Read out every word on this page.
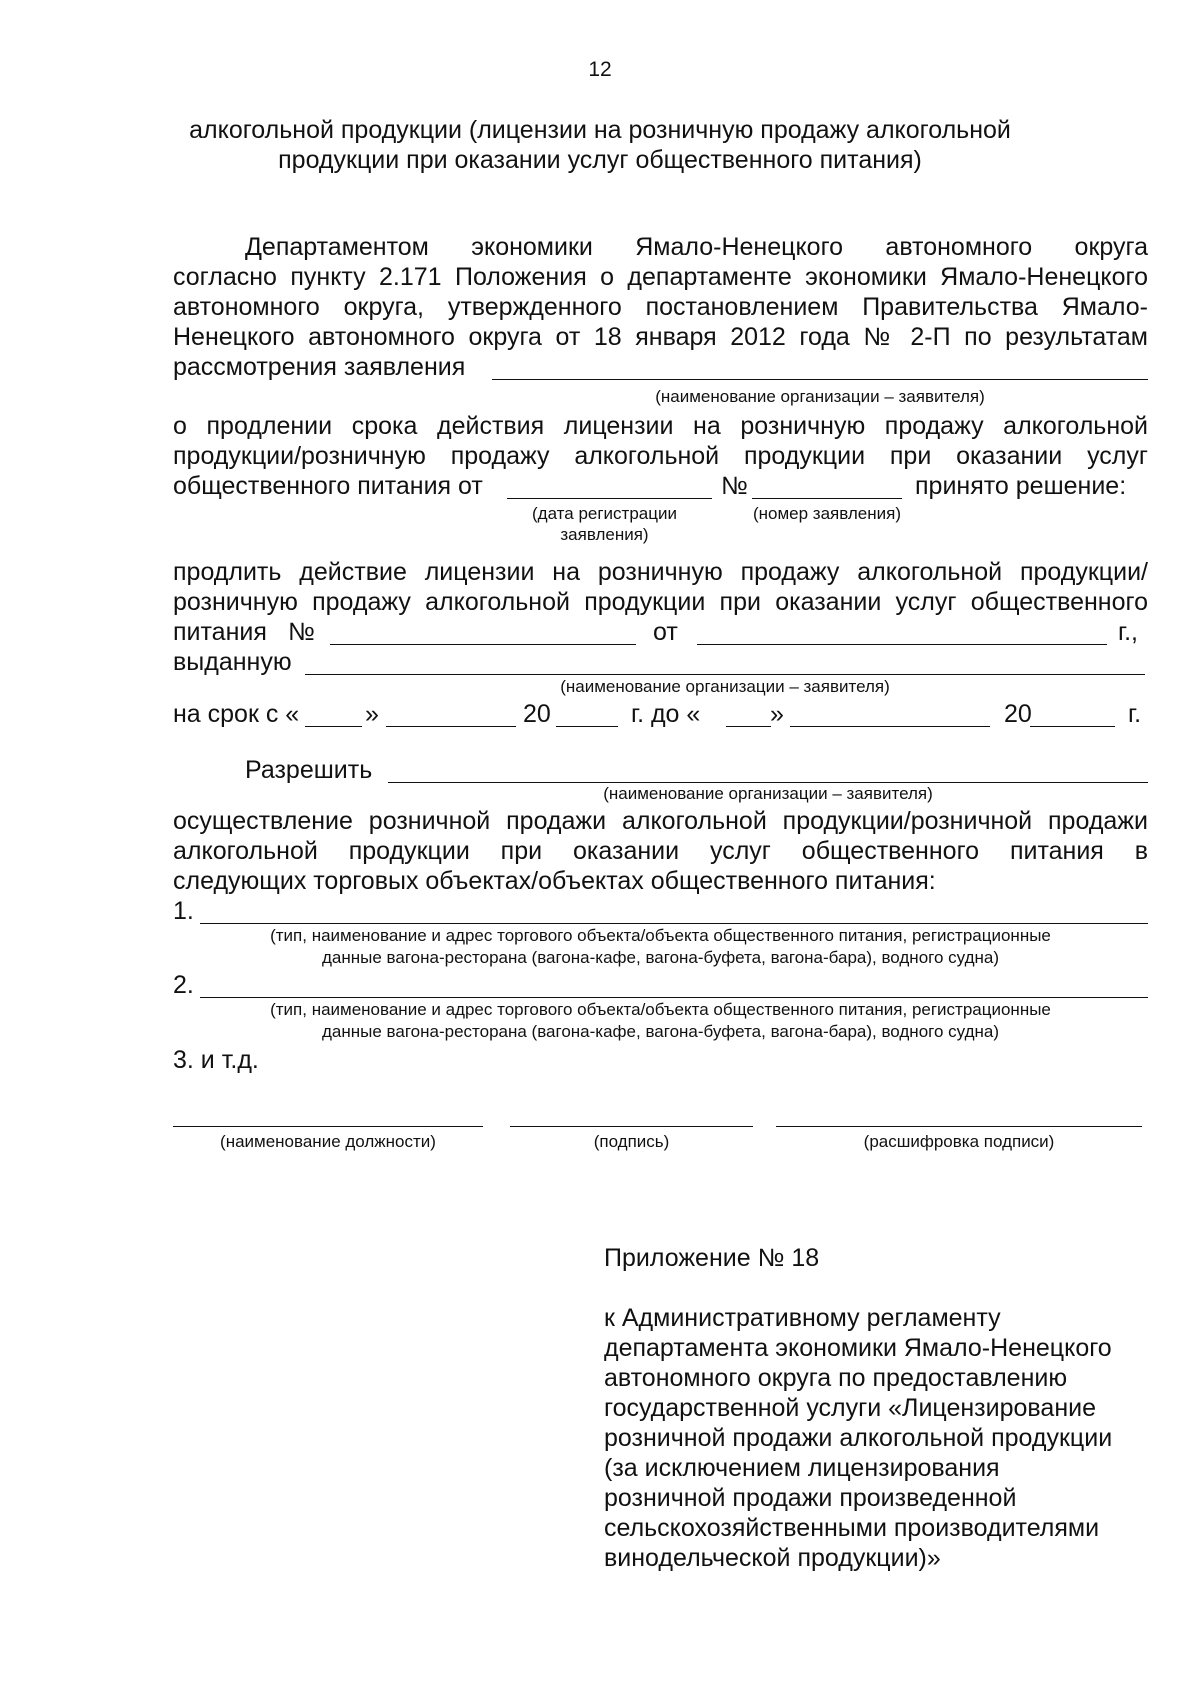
12
алкогольной продукции (лицензии на розничную продажу алкогольной
продукции при оказании услуг общественного питания)
Департаментом экономики Ямало-Ненецкого автономного округа
согласно пункту 2.171 Положения о департаменте экономики Ямало-Ненецкого
автономного округа, утвержденного постановлением Правительства Ямало-
Ненецкого автономного округа от 18 января 2012 года № 2-П по результатам
рассмотрения заявления
(наименование организации – заявителя)
о продлении срока действия лицензии на розничную продажу алкогольной
продукции/розничную продажу алкогольной продукции при оказании услуг
общественного питания от	№	принято решение:
(дата регистрации
заявления)
(номер заявления)
продлить действие лицензии на розничную продажу алкогольной продукции/
розничную продажу алкогольной продукции при оказании услуг общественного
питания №	от	г.,
выданную
(наименование организации – заявителя)
на срок с «	»	20	г. до «	»	20	г.
Разрешить
(наименование организации – заявителя)
осуществление розничной продажи алкогольной продукции/розничной продажи
алкогольной продукции при оказании услуг общественного питания в
следующих торговых объектах/объектах общественного питания:
1.
(тип, наименование и адрес торгового объекта/объекта общественного питания, регистрационные
данные вагона-ресторана (вагона-кафе, вагона-буфета, вагона-бара), водного судна)
2.
(тип, наименование и адрес торгового объекта/объекта общественного питания, регистрационные
данные вагона-ресторана (вагона-кафе, вагона-буфета, вагона-бара), водного судна)
3. и т.д.
(наименование должности)	(подпись)	(расшифровка подписи)
Приложение № 18
к Административному регламенту
департамента экономики Ямало-Ненецкого
автономного округа по предоставлению
государственной услуги «Лицензирование
розничной продажи алкогольной продукции
(за исключением лицензирования
розничной продажи произведенной
сельскохозяйственными производителями
винодельческой продукции)»
